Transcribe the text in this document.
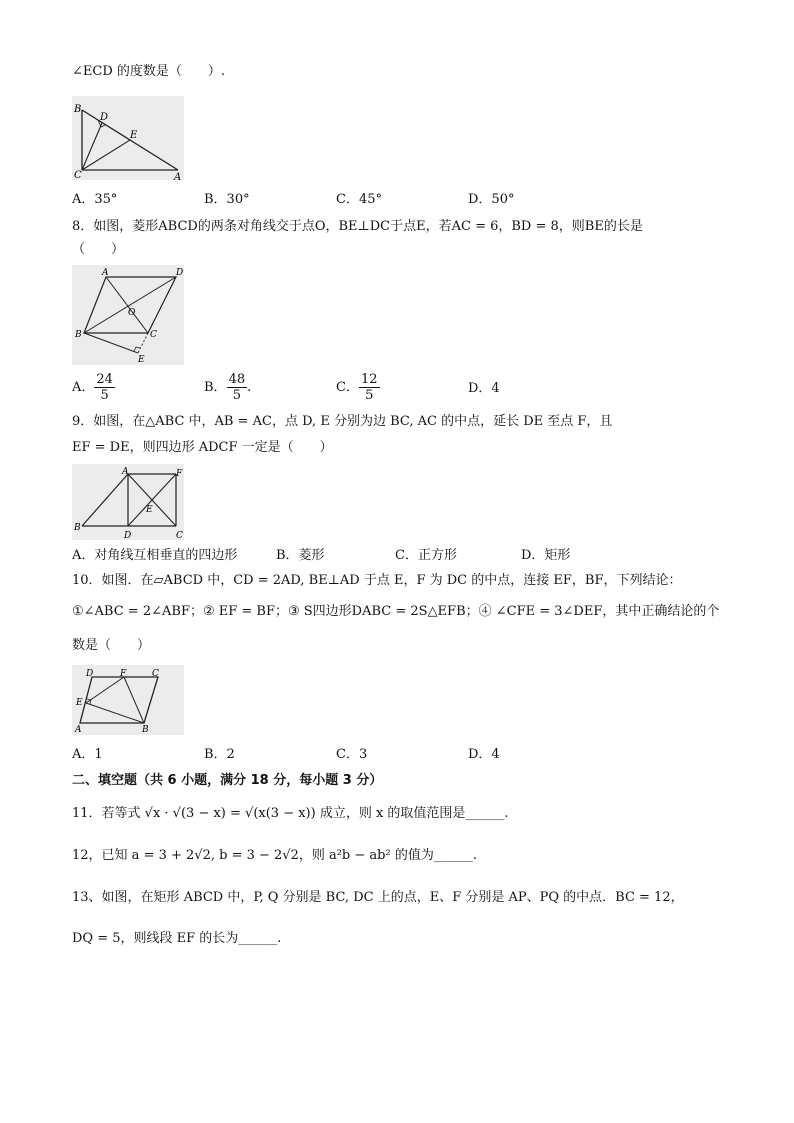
∠ECD 的度数是（　　）.
B
D
E
C	A
A．35°	B．30°	C．45°	D．50°
8．如图，菱形ABCD的两条对角线交于点O，BE⊥DC于点E，若AC = 6，BD = 8，则BE的长是
（　　）
A	D
O
B	C
E
A． $\frac{24}{5}$	B． $\frac{48}{5}$ .	C． $\frac{12}{5}$	D．4
9．如图，在△ABC 中，AB = AC，点 D, E 分别为边 BC, AC 的中点，延长 DE 至点 F，且
EF = DE，则四边形 ADCF 一定是（　　）
A	F
E
B
D	C
A．对角线互相垂直的四边形	B．菱形	C．正方形	D．矩形
10．如图．在▱ABCD 中，CD = 2AD, BE⊥AD 于点 E，F 为 DC 的中点，连接 EF，BF，下列结论：
①∠ABC = 2∠ABF；② EF = BF；③ S四边形DABC = 2S△EFB；④ ∠CFE = 3∠DEF，其中正确结论的个
数是（　　）
D	F	C
E
A	B
A．1	B．2	C．3	D．4
二、填空题（共 6 小题，满分 18 分，每小题 3 分）
11．若等式 √x · √(3 − x) = √(x(3 − x)) 成立，则 x 的取值范围是______.
12，已知 a = 3 + 2√2, b = 3 − 2√2，则 a²b − ab² 的值为______.
13、如图，在矩形 ABCD 中，P, Q 分别是 BC, DC 上的点，E、F 分别是 AP、PQ 的中点．BC = 12，
DQ = 5，则线段 EF 的长为______.
